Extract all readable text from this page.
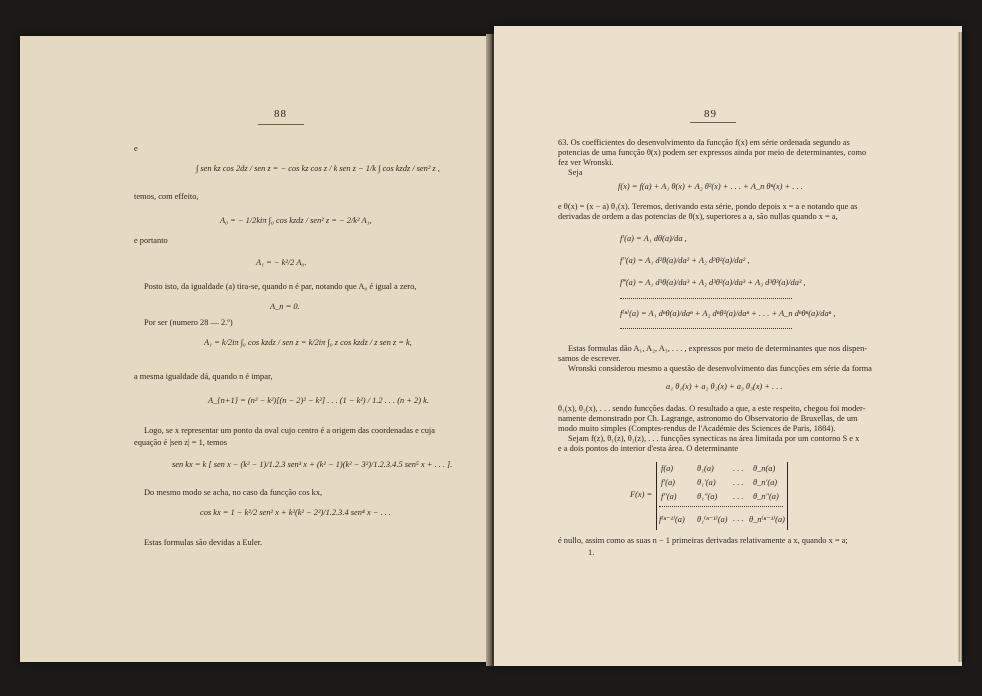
88
e
∫ sen kz cos 2dz / sen z = − cos kz cos z / k sen z − 1/k ∫ cos kzdz / sen² z ,
temos, com effeito,
A₀ = − 1/2kiπ ∫₀ cos kzdz / sen² z = − 2/k² A₁,
e portanto
A₁ = − k²/2 A₀.
Posto isto, da igualdade (a) tira-se, quando n é par, notando que A₀ é igual a zero,
A_n = 0.
Por ser (numero 28 — 2.º)
A₁ = k/2iπ ∫₀ cos kzdz / sen z = k/2iπ ∫₀ z cos kzdz / z sen z = k,
a mesma igualdade dá, quando n é impar,
A_{n+1} = (n² − k²)[(n − 2)² − k²] . . . (1 − k²) / 1.2 . . . (n + 2) k.
Logo, se x representar um ponto da oval cujo centro é a origem das coordenadas e cuja
equação é |sen z| = 1, temos
sen kx = k [ sen x − (k² − 1)/1.2.3 sen³ x + (k² − 1)(k² − 3²)/1.2.3.4.5 sen⁵ x + . . . ].
Do mesmo modo se acha, no caso da funcção cos kx,
cos kx = 1 − k²/2 sen² x + k²(k² − 2²)/1.2.3.4 sen⁴ x − . . .
Estas formulas são devidas a Euler.
89
63. Os coefficientes do desenvolvimento da funcção f(x) em série ordenada segundo as
potencias de uma funcção θ(x) podem ser expressos ainda por meio de determinantes, como
fez ver Wronski.
Seja
f(x) = f(a) + A₁ θ(x) + A₂ θ²(x) + . . . + A_n θⁿ(x) + . . .
e θ(x) = (x − a) θ₁(x). Teremos, derivando esta série, pondo depois x = a e notando que as
derivadas de ordem a das potencias de θ(x), superiores a a, são nullas quando x = a,
f′(a) = A₁ dθ(a)/da ,
f″(a) = A₁ d²θ(a)/da² + A₂ d²θ²(a)/da² ,
f‴(a) = A₁ d³θ(a)/da³ + A₂ d³θ²(a)/da³ + A₃ d³θ³(a)/da³ ,
f⁽ⁿ⁾(a) = A₁ dⁿθ(a)/daⁿ + A₂ dⁿθ²(a)/daⁿ + . . . + A_n dⁿθⁿ(a)/daⁿ ,
Estas formulas dão A₁, A₂, A₃, . . . , expressos por meio de determinantes que nos dispen-
samos de escrever.
Wronski considerou mesmo a questão de desenvolvimento das funcções em série da forma
a₁ θ₁(x) + a₂ θ₂(x) + a₃ θ₃(x) + . . .
θ₁(x), θ₂(x), . . . sendo funcções dadas. O resultado a que, a este respeito, chegou foi moder-
namente demonstrado por Ch. Lagrange, astronomo do Observatorio de Bruxellas, de um
modo muito simples (Comptes-rendus de l'Académie des Sciences de Paris, 1884).
Sejam f(z), θ₁(z), θ₂(z), . . . funcções synecticas na área limitada por um contorno S e x
e a dois pontos do interior d'esta área. O determinante
F(x) =
f(a)	θ₁(a) . . . θ_n(a)
f′(a)	θ₁′(a) . . . θ_n′(a)
f″(a) θ₁″(a) . . . θ_n″(a)
f⁽ⁿ⁻¹⁾(a) θ₁⁽ⁿ⁻¹⁾(a) . . . θ_n⁽ⁿ⁻¹⁾(a)
é nullo, assim como as suas n − 1 primeiras derivadas relativamente a x, quando x = a;
1.
